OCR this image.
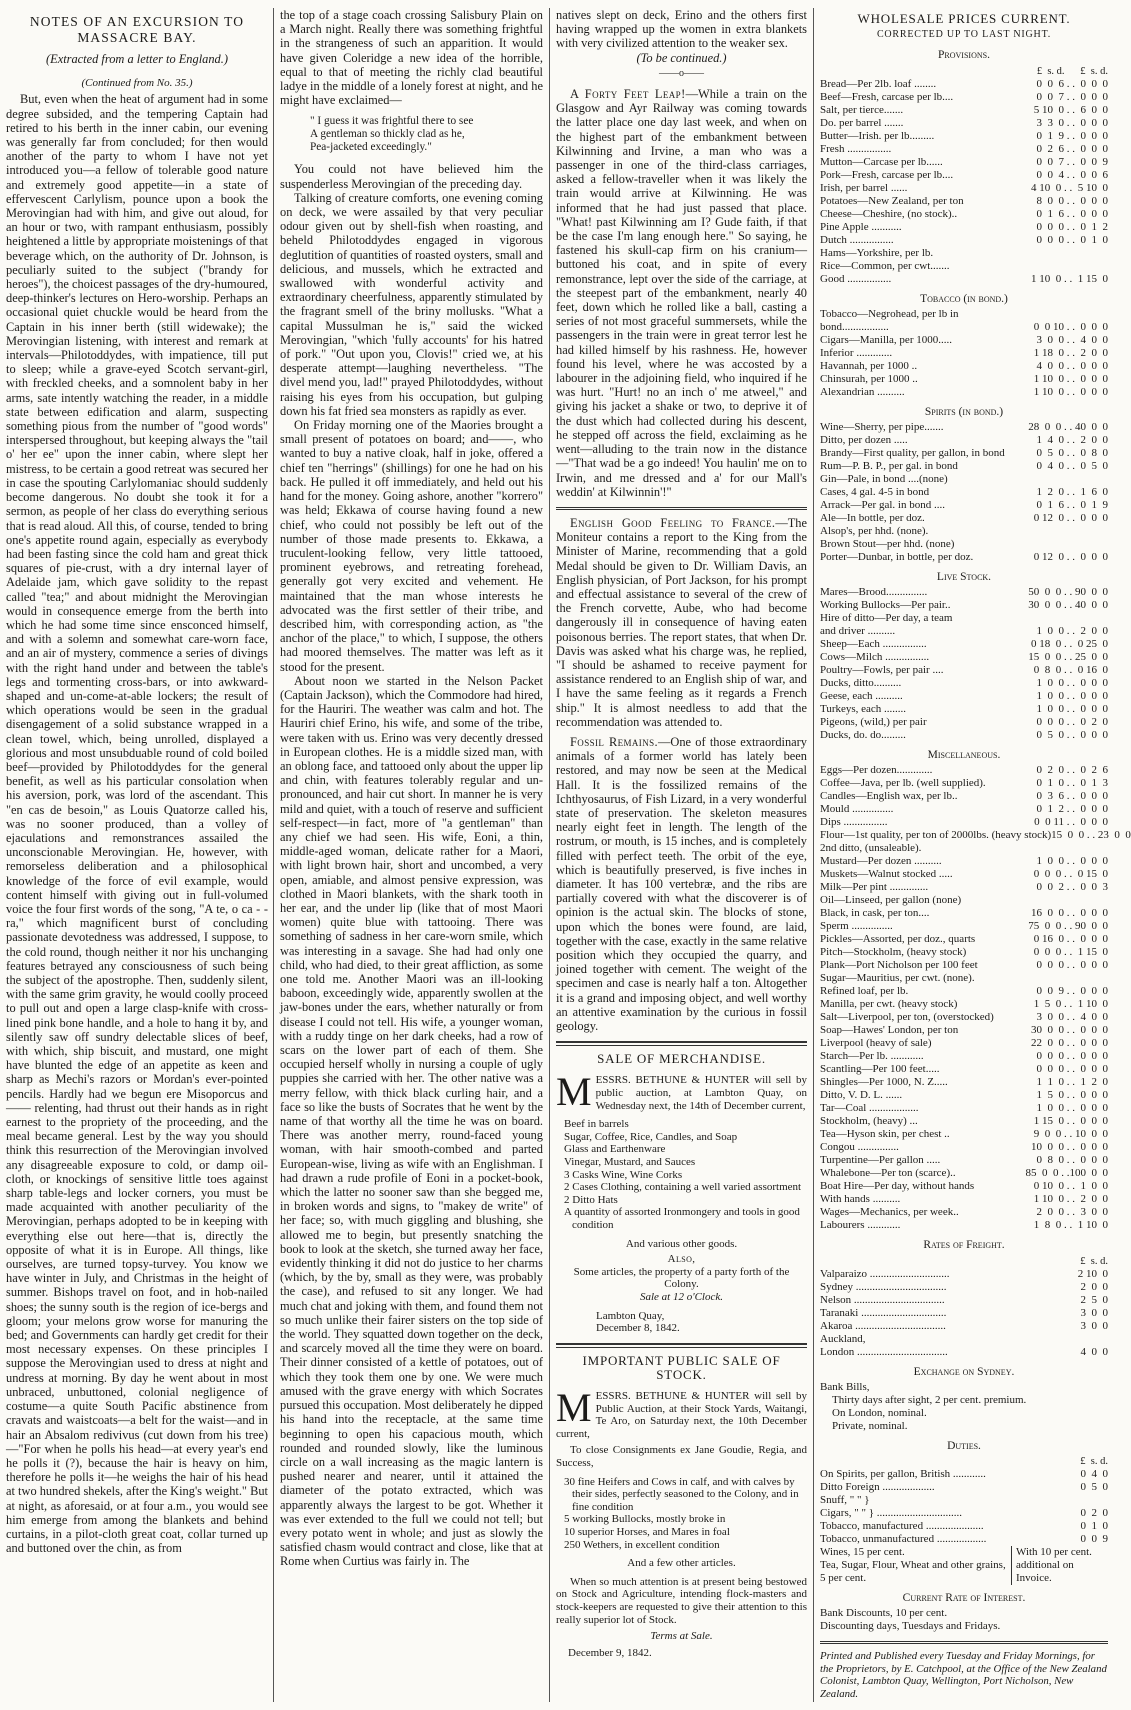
NOTES OF AN EXCURSION TO MASSACRE BAY.
(Extracted from a letter to England.)
(Continued from No. 35.)

But, even when the heat of argument had in some degree subsided, and the tempering Captain had retired to his berth in the inner cabin, our evening was generally far from concluded; for then would another of the party to whom I have not yet introduced you—a fellow of tolerable good nature and extremely good appetite—in a state of effervescent Carlylism, pounce upon a book the Merovingian had with him, and give out aloud, for an hour or two, with rampant enthusiasm, possibly heightened a little by appropriate moistenings of that beverage which, on the authority of Dr. Johnson, is peculiarly suited to the subject ("brandy for heroes"), the choicest passages of the dry-humoured, deep-thinker's lectures on Hero-worship. Perhaps an occasional quiet chuckle would be heard from the Captain in his inner berth (still widewake); the Merovingian listening, with interest and remark at intervals—Philotoddydes, with impatience, till put to sleep; while a grave-eyed Scotch servant-girl, with freckled cheeks, and a somnolent baby in her arms, sate intently watching the reader, in a middle state between edification and alarm, suspecting something pious from the number of "good words" interspersed throughout, but keeping always the "tail o' her ee" upon the inner cabin, where slept her mistress, to be certain a good retreat was secured her in case the spouting Carlylomaniac should suddenly become dangerous. No doubt she took it for a sermon, as people of her class do everything serious that is read aloud. All this, of course, tended to bring one's appetite round again, especially as everybody had been fasting since the cold ham and great thick squares of pie-crust, with a dry internal layer of Adelaide jam, which gave solidity to the repast called "tea;" and about midnight the Merovingian would in consequence emerge from the berth into which he had some time since ensconced himself, and with a solemn and somewhat care-worn face, and an air of mystery, commence a series of divings with the right hand under and between the table's legs and tormenting cross-bars, or into awkward-shaped and un-come-at-able lockers; the result of which operations would be seen in the gradual disengagement of a solid substance wrapped in a clean towel, which, being unrolled, displayed a glorious and most unsubduable round of cold boiled beef—provided by Philotoddydes for the general benefit, as well as his particular consolation when his aversion, pork, was lord of the ascendant. This "en cas de besoin," as Louis Quatorze called his, was no sooner produced, than a volley of ejaculations and remonstrances assailed the unconscionable Merovingian. He, however, with remorseless deliberation and a philosophical knowledge of the force of evil example, would content himself with giving out in full-volumed voice the four first words of the song, "A te, o ca - - ra," which magnificent burst of concluding passionate devotedness was addressed, I suppose, to the cold round, though neither it nor his unchanging features betrayed any consciousness of such being the subject of the apostrophe. Then, suddenly silent, with the same grim gravity, he would coolly proceed to pull out and open a large clasp-knife with cross-lined pink bone handle, and a hole to hang it by, and silently saw off sundry delectable slices of beef, with which, ship biscuit, and mustard, one might have blunted the edge of an appetite as keen and sharp as Mechi's razors or Mordan's ever-pointed pencils. Hardly had we begun ere Misoporcus and —— relenting, had thrust out their hands as in right earnest to the propriety of the proceeding, and the meal became general. Lest by the way you should think this resurrection of the Merovingian involved any disagreeable exposure to cold, or damp oil-cloth, or knockings of sensitive little toes against sharp table-legs and locker corners, you must be made acquainted with another peculiarity of the Merovingian, perhaps adopted to be in keeping with everything else out here—that is, directly the opposite of what it is in Europe. All things, like ourselves, are turned topsy-turvey. You know we have winter in July, and Christmas in the height of summer. Bishops travel on foot, and in hob-nailed shoes; the sunny south is the region of ice-bergs and gloom; your melons grow worse for manuring the bed; and Governments can hardly get credit for their most necessary expenses. On these principles I suppose the Merovingian used to dress at night and undress at morning. By day he went about in most unbraced, unbuttoned, colonial negligence of costume—a quite South Pacific abstinence from cravats and waistcoats—a belt for the waist—and in hair an Absalom redivivus (cut down from his tree) —"For when he polls his head—at every year's end he polls it (?), because the hair is heavy on him, therefore he polls it—he weighs the hair of his head at two hundred shekels, after the King's weight." But at night, as aforesaid, or at four a.m., you would see him emerge from among the blankets and behind curtains, in a pilot-cloth great coat, collar turned up and buttoned over the chin, as from

the top of a stage coach crossing Salisbury Plain on a March night. Really there was something frightful in the strangeness of such an apparition. It would have given Coleridge a new idea of the horrible, equal to that of meeting the richly clad beautiful ladye in the middle of a lonely forest at night, and he might have exclaimed—

" I guess it was frightful there to see
A gentleman so thickly clad as he,
Pea-jacketed exceedingly."

You could not have believed him the suspenderless Merovingian of the preceding day.

Talking of creature comforts, one evening coming on deck, we were assailed by that very peculiar odour given out by shell-fish when roasting, and beheld Philotoddydes engaged in vigorous deglutition of quantities of roasted oysters, small and delicious, and mussels, which he extracted and swallowed with wonderful activity and extraordinary cheerfulness, apparently stimulated by the fragrant smell of the briny mollusks. "What a capital Mussulman he is," said the wicked Merovingian, "which 'fully accounts' for his hatred of pork." "Out upon you, Clovis!" cried we, at his desperate attempt—laughing nevertheless. "The divel mend you, lad!" prayed Philotoddydes, without raising his eyes from his occupation, but gulping down his fat fried sea monsters as rapidly as ever.

On Friday morning one of the Maories brought a small present of potatoes on board; and——, who wanted to buy a native cloak, half in joke, offered a chief ten "herrings" (shillings) for one he had on his back. He pulled it off immediately, and held out his hand for the money. Going ashore, another "korrero" was held; Ekkawa of course having found a new chief, who could not possibly be left out of the number of those made presents to. Ekkawa, a truculent-looking fellow, very little tattooed, prominent eyebrows, and retreating forehead, generally got very excited and vehement. He maintained that the man whose interests he advocated was the first settler of their tribe, and described him, with corresponding action, as "the anchor of the place," to which, I suppose, the others had moored themselves. The matter was left as it stood for the present.

About noon we started in the Nelson Packet (Captain Jackson), which the Commodore had hired, for the Hauriri. The weather was calm and hot. The Hauriri chief Erino, his wife, and some of the tribe, were taken with us. Erino was very decently dressed in European clothes. He is a middle sized man, with an oblong face, and tattooed only about the upper lip and chin, with features tolerably regular and un-pronounced, and hair cut short. In manner he is very mild and quiet, with a touch of reserve and sufficient self-respect—in fact, more of "a gentleman" than any chief we had seen. His wife, Eoni, a thin, middle-aged woman, delicate rather for a Maori, with light brown hair, short and uncombed, a very open, amiable, and almost pensive expression, was clothed in Maori blankets, with the shark tooth in her ear, and the under lip (like that of most Maori women) quite blue with tattooing. There was something of sadness in her care-worn smile, which was interesting in a savage. She had had only one child, who had died, to their great affliction, as some one told me. Another Maori was an ill-looking baboon, exceedingly wide, apparently swollen at the jaw-bones under the ears, whether naturally or from disease I could not tell. His wife, a younger woman, with a ruddy tinge on her dark cheeks, had a row of scars on the lower part of each of them. She occupied herself wholly in nursing a couple of ugly puppies she carried with her. The other native was a merry fellow, with thick black curling hair, and a face so like the busts of Socrates that he went by the name of that worthy all the time he was on board. There was another merry, round-faced young woman, with hair smooth-combed and parted European-wise, living as wife with an Englishman. I had drawn a rude profile of Eoni in a pocket-book, which the latter no sooner saw than she begged me, in broken words and signs, to "makey de write" of her face; so, with much giggling and blushing, she allowed me to begin, but presently snatching the book to look at the sketch, she turned away her face, evidently thinking it did not do justice to her charms (which, by the by, small as they were, was probably the case), and refused to sit any longer. We had much chat and joking with them, and found them not so much unlike their fairer sisters on the top side of the world. They squatted down together on the deck, and scarcely moved all the time they were on board. Their dinner consisted of a kettle of potatoes, out of which they took them one by one. We were much amused with the grave energy with which Socrates pursued this occupation. Most deliberately he dipped his hand into the receptacle, at the same time beginning to open his capacious mouth, which rounded and rounded slowly, like the luminous circle on a wall increasing as the magic lantern is pushed nearer and nearer, until it attained the diameter of the potato extracted, which was apparently always the largest to be got. Whether it was ever extended to the full we could not tell; but every potato went in whole; and just as slowly the satisfied chasm would contract and close, like that at Rome when Curtius was fairly in. The

natives slept on deck, Erino and the others first having wrapped up the women in extra blankets with very civilized attention to the weaker sex.

(To be continued.)
——o——

A Forty Feet Leap!—While a train on the Glasgow and Ayr Railway was coming towards the latter place one day last week, and when on the highest part of the embankment between Kilwinning and Irvine, a man who was a passenger in one of the third-class carriages, asked a fellow-traveller when it was likely the train would arrive at Kilwinning. He was informed that he had just passed that place. "What! past Kilwinning am I? Gude faith, if that be the case I'm lang enough here." So saying, he fastened his skull-cap firm on his cranium—buttoned his coat, and in spite of every remonstrance, lept over the side of the carriage, at the steepest part of the embankment, nearly 40 feet, down which he rolled like a ball, casting a series of not most graceful summersets, while the passengers in the train were in great terror lest he had killed himself by his rashness. He, however found his level, where he was accosted by a labourer in the adjoining field, who inquired if he was hurt. "Hurt! no an inch o' me atweel," and giving his jacket a shake or two, to deprive it of the dust which had collected during his descent, he stepped off across the field, exclaiming as he went—alluding to the train now in the distance—"That wad be a go indeed! You haulin' me on to Irwin, and me dressed and a' for our Mall's weddin' at Kilwinnin'!"

English Good Feeling to France.—The Moniteur contains a report to the King from the Minister of Marine, recommending that a gold Medal should be given to Dr. William Davis, an English physician, of Port Jackson, for his prompt and effectual assistance to several of the crew of the French corvette, Aube, who had become dangerously ill in consequence of having eaten poisonous berries. The report states, that when Dr. Davis was asked what his charge was, he replied, "I should be ashamed to receive payment for assistance rendered to an English ship of war, and I have the same feeling as it regards a French ship." It is almost needless to add that the recommendation was attended to.

Fossil Remains.—One of those extraordinary animals of a former world has lately been restored, and may now be seen at the Medical Hall. It is the fossilized remains of the Ichthyosaurus, of Fish Lizard, in a very wonderful state of preservation. The skeleton measures nearly eight feet in length. The length of the rostrum, or mouth, is 15 inches, and is completely filled with perfect teeth. The orbit of the eye, which is beautifully preserved, is five inches in diameter. It has 100 vertebræ, and the ribs are partially covered with what the discoverer is of opinion is the actual skin. The blocks of stone, upon which the bones were found, are laid, together with the case, exactly in the same relative position which they occupied the quarry, and joined together with cement. The weight of the specimen and case is nearly half a ton. Altogether it is a grand and imposing object, and well worthy an attentive examination by the curious in fossil geology.

SALE OF MERCHANDISE.

MESSRS. BETHUNE & HUNTER will sell by public auction, at Lambton Quay, on Wednesday next, the 14th of December current,

Beef in barrels
Sugar, Coffee, Rice, Candles, and Soap
Glass and Earthenware
Vinegar, Mustard, and Sauces
3 Casks Wine, Wine Corks
2 Cases Clothing, containing a well varied assortment
2 Ditto Hats
A quantity of assorted Ironmongery and tools in good condition
And various other goods.
Also,
Some articles, the property of a party forth of the Colony.
Sale at 12 o'Clock.
Lambton Quay,
December 8, 1842.
IMPORTANT PUBLIC SALE OF STOCK.

MESSRS. BETHUNE & HUNTER will sell by Public Auction, at their Stock Yards, Waitangi, Te Aro, on Saturday next, the 10th December current,

To close Consignments ex Jane Goudie, Regia, and Success,

30 fine Heifers and Cows in calf, and with calves by their sides, perfectly seasoned to the Colony, and in fine condition
5 working Bullocks, mostly broke in
10 superior Horses, and Mares in foal
250 Wethers, in excellent condition
And a few other articles.

When so much attention is at present being bestowed on Stock and Agriculture, intending flock-masters and stock-keepers are requested to give their attention to this really superior lot of Stock.

Terms at Sale.
December 9, 1842.
WHOLESALE PRICES CURRENT.
CORRECTED UP TO LAST NIGHT.
Provisions.
£  s. d.      £  s. d.
Bread—Per 2lb. loaf ........	0  0  6 . .  0  0  0
Beef—Fresh, carcase per lb....	0  0  7 . .  0  0  0
Salt, per tierce.......	5 10  0 . .  6  0  0
Do. per barrel .......	3  3  0 . .  0  0  0
Butter—Irish. per lb.........	0  1  9 . .  0  0  0
Fresh ................	0  2  6 . .  0  0  0
Mutton—Carcase per lb......	0  0  7 . .  0  0  9
Pork—Fresh, carcase per lb....	0  0  4 . .  0  0  6
Irish, per barrel ......	4 10  0 . .  5 10  0
Potatoes—New Zealand, per ton	8  0  0 . .  0  0  0
Cheese—Cheshire, (no stock)..	0  1  6 . .  0  0  0
Pine Apple ...........	0  0  0 . .  0  1  2
Dutch ................	0  0  0 . .  0  1  0
Hams—Yorkshire, per lb.
Rice—Common, per cwt.......
Good ................	1 10  0 . .  1 15  0
Tobacco (in bond.)
Tobacco—Negrohead, per lb in
bond.................	0  0 10 . .  0  0  0
Cigars—Manilla, per 1000.....	3  0  0 . .  4  0  0
Inferior .............	1 18  0 . .  2  0  0
Havannah, per 1000 ..	4  0  0 . .  0  0  0
Chinsurah, per 1000 ..	1 10  0 . .  0  0  0
Alexandrian ..........	1 10  0 . .  0  0  0
Spirits (in bond.)
Wine—Sherry, per pipe.......	28  0  0 . . 40  0  0
Ditto, per dozen .....	1  4  0 . .  2  0  0
Brandy—First quality, per gallon, in bond	0  5  0 . .  0  8  0
Rum—P. B. P., per gal. in bond	0  4  0 . .  0  5  0
Gin—Pale, in bond ....(none)
Cases, 4 gal. 4-5 in bond	1  2  0 . .  1  6  0
Arrack—Per gal. in bond ....	0  1  6 . .  0  1  9
Ale—In bottle, per doz.	0 12  0 . .  0  0  0
Alsop's, per hhd. (none).
Brown Stout—per hhd. (none)
Porter—Dunbar, in bottle, per doz.	0 12  0 . .  0  0  0
Live Stock.
Mares—Brood...............	50  0  0 . . 90  0  0
Working Bullocks—Per pair..	30  0  0 . . 40  0  0
Hire of ditto—Per day, a team
and driver ..........	1  0  0 . .  2  0  0
Sheep—Each ................	0 18  0 . .  0 25  0
Cows—Milch ................	15  0  0 . . 25  0  0
Poultry—Fowls, per pair ....	0  8  0 . .  0 16  0
Ducks, ditto..........	1  0  0 . .  0  0  0
Geese, each ..........	1  0  0 . .  0  0  0
Turkeys, each ........	1  0  0 . .  0  0  0
Pigeons, (wild,) per pair	0  0  0 . .  0  2  0
Ducks, do. do.........	0  5  0 . .  0  0  0
Miscellaneous.
Eggs—Per dozen.............	0  2  0 . .  0  2  6
Coffee—Java, per lb. (well supplied).	0  1  0 . .  0  1  3
Candles—English wax, per lb..	0  3  6 . .  0  0  0
Mould ...............	0  1  2 . .  0  0  0
Dips ................	0  0 11 . .  0  0  0
Flour—1st quality, per ton of 2000lbs. (heavy stock) 15  0  0 . . 23  0  0
2nd ditto, (unsaleable).
Mustard—Per dozen ..........	1  0  0 . .  0  0  0
Muskets—Walnut stocked .....	0  0  0 . .  0 15  0
Milk—Per pint ..............	0  0  2 . .  0  0  3
Oil—Linseed, per gallon (none)
Black, in cask, per ton....	16  0  0 . .  0  0  0
Sperm ...............	75  0  0 . . 90  0  0
Pickles—Assorted, per doz., quarts	0 16  0 . .  0  0  0
Pitch—Stockholm, (heavy stock)	0  0  0 . .  1 15  0
Plank—Port Nicholson per 100 feet	0  0  0 . .  0  0  0
Sugar—Mauritius, per cwt. (none).
Refined loaf, per lb.	0  0  9 . .  0  0  0
Manilla, per cwt. (heavy stock)	1  5  0 . .  1 10  0
Salt—Liverpool, per ton, (overstocked)	3  0  0 . .  4  0  0
Soap—Hawes' London, per ton	30  0  0 . .  0  0  0
Liverpool (heavy of sale)	22  0  0 . .  0  0  0
Starch—Per lb. ............	0  0  0 . .  0  0  0
Scantling—Per 100 feet.....	0  0  0 . .  0  0  0
Shingles—Per 1000, N. Z.....	1  1  0 . .  1  2  0
Ditto, V. D. L. ......	1  5  0 . .  0  0  0
Tar—Coal ..................	1  0  0 . .  0  0  0
Stockholm, (heavy) ...	1 15  0 . .  0  0  0
Tea—Hyson skin, per chest ..	9  0  0 . . 10  0  0
Congou ...............	10  0  0 . .  0  0  0
Turpentine—Per gallon .....	0  8  0 . .  0  0  0
Whalebone—Per ton (scarce)..	85  0  0 . .100  0  0
Boat Hire—Per day, without hands	0 10  0 . .  1  0  0
With hands ..........	1 10  0 . .  2  0  0
Wages—Mechanics, per week..	2  0  0 . .  3  0  0
Labourers ............	1  8  0 . .  1 10  0
Rates of Freight.
£  s. d.
Valparaizo .............................	2 10  0
Sydney .................................	2  0  0
Nelson .................................	2  5  0
Taranaki ...............................	3  0  0
Akaroa .................................	3  0  0
Auckland,
London .................................	4  0  0
Exchange on Sydney.
Bank Bills,
Thirty days after sight, 2 per cent. premium.
On London, nominal.
Private, nominal.
Duties.
£  s. d.
On Spirits, per gallon, British ............	0  4  0
Ditto Foreign ...................	0  5  0
Snuff, " " }
Cigars, " " } ...............................	0  2  0
Tobacco, manufactured .....................	0  1  0
Tobacco, unmanufactured ..................	0  0  9
Wines, 15 per cent.
Tea, Sugar, Flour, Wheat and other grains, 5 per cent.
With 10 per cent. additional on Invoice.
Current Rate of Interest.
Bank Discounts, 10 per cent.
Discounting days, Tuesdays and Fridays.

Printed and Published every Tuesday and Friday Mornings, for the Proprietors, by E. Catchpool, at the Office of the New Zealand Colonist, Lambton Quay, Wellington, Port Nicholson, New Zealand.
